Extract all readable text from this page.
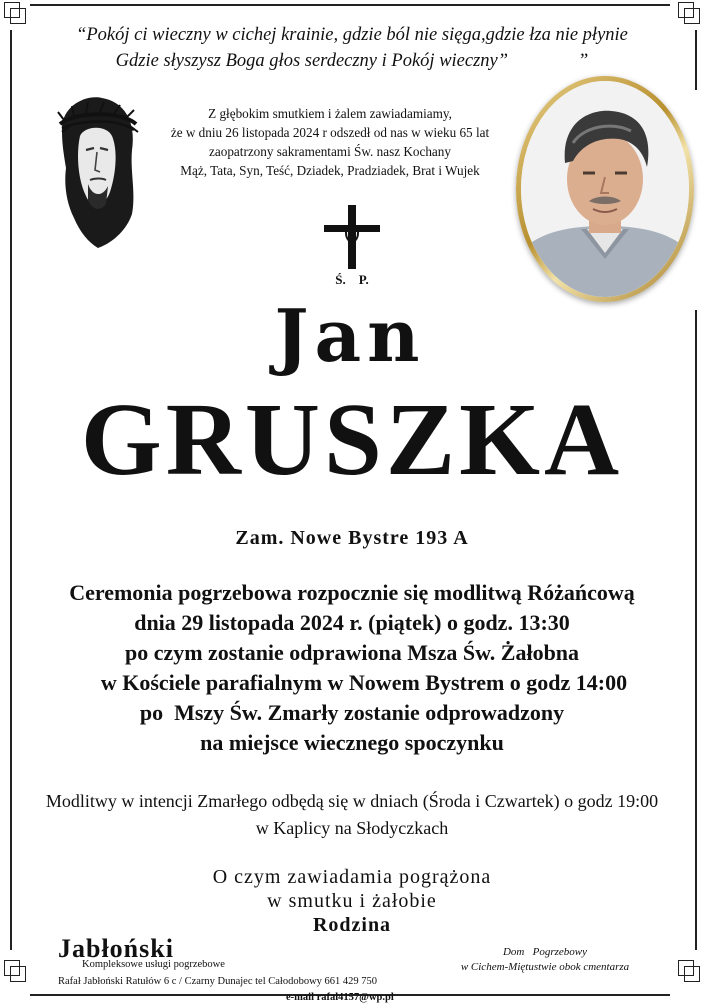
“Pokój ci wieczny w cichej krainie, gdzie ból nie sięga,gdzie łza nie płynie
Gdzie słyszysz Boga głos serdeczny i Pokój wieczny”	”
Z głębokim smutkiem i żalem zawiadamiamy,
że w dniu 26 listopada 2024 r odszedł od nas w wieku 65 lat
zaopatrzony sakramentami Św. nasz Kochany
Mąż, Tata, Syn, Teść, Dziadek, Pradziadek, Brat i Wujek
Ś.    P.
Jan
GRUSZKA
Zam. Nowe Bystre 193 A
Ceremonia pogrzebowa rozpocznie się modlitwą Różańcową
dnia 29 listopada 2024 r. (piątek) o godz. 13:30
po czym zostanie odprawiona Msza Św. Żałobna
w Kościele parafialnym w Nowem Bystrem o godz 14:00
po  Mszy Św. Zmarły zostanie odprowadzony
na miejsce wiecznego spoczynku
Modlitwy w intencji Zmarłego odbędą się w dniach (Środa i Czwartek) o godz 19:00
w Kaplicy na Słodyczkach
O czym zawiadamia pogrążona
w smutku i żałobie
Rodzina
Jabłoński
Kompleksowe usługi pogrzebowe
Rafał Jabłoński Ratułów 6 c / Czarny Dunajec tel Całodobowy 661 429 750
e-mail rafal4157@wp.pl
Dom   Pogrzebowy
w Cichem-Miętustwie obok cmentarza
